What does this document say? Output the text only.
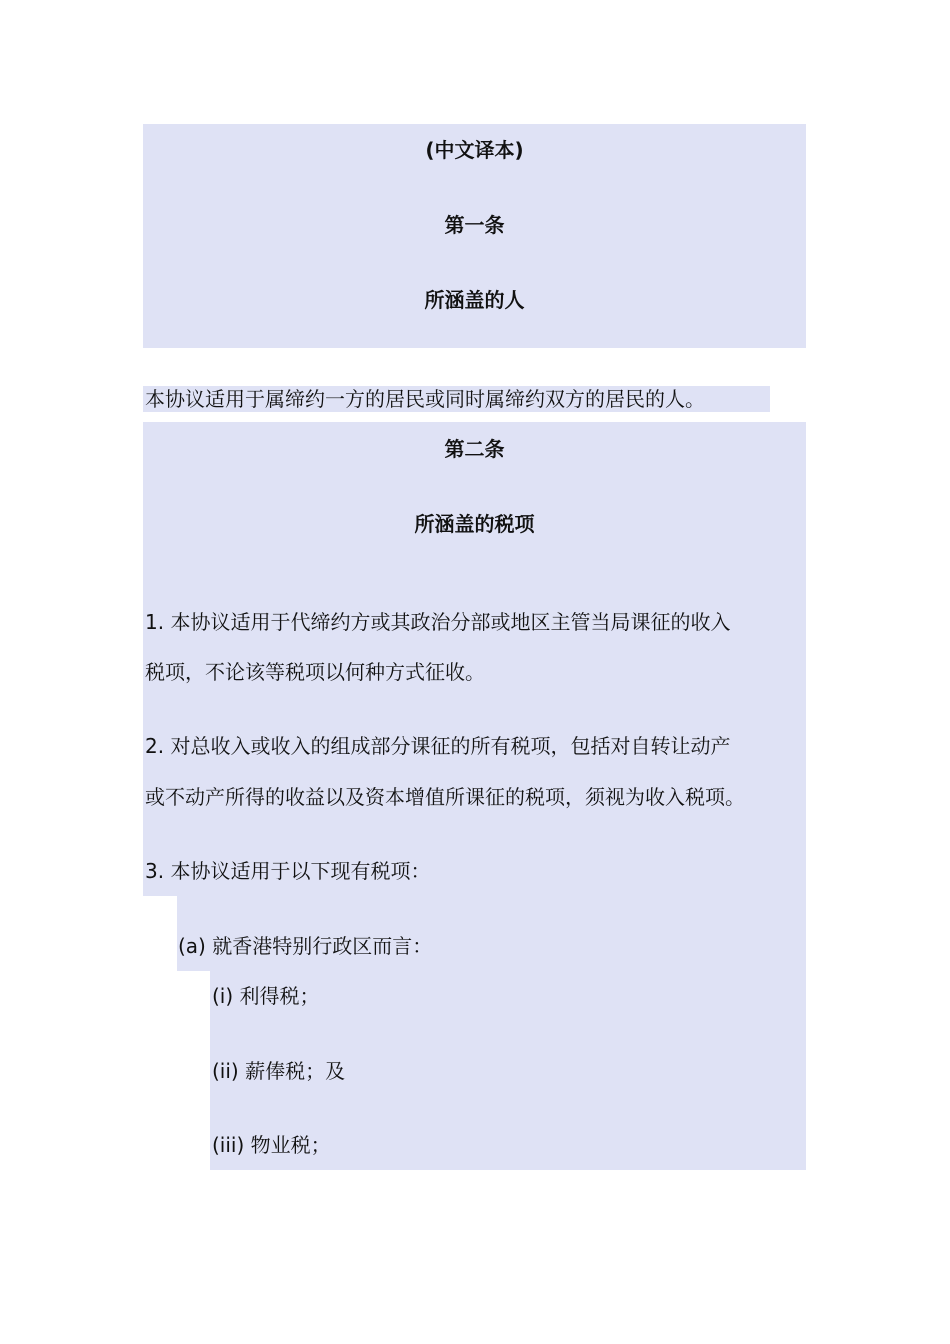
(中文译本)
第一条
所涵盖的人
本协议适用于属缔约一方的居民或同时属缔约双方的居民的人。
第二条
所涵盖的税项
1. 本协议适用于代缔约方或其政治分部或地区主管当局课征的收入
税项，不论该等税项以何种方式征收。
2. 对总收入或收入的组成部分课征的所有税项，包括对自转让动产
或不动产所得的收益以及资本增值所课征的税项，须视为收入税项。
3. 本协议适用于以下现有税项：
(a) 就香港特别行政区而言：
(i) 利得税；
(ii) 薪俸税；及
(iii) 物业税；
